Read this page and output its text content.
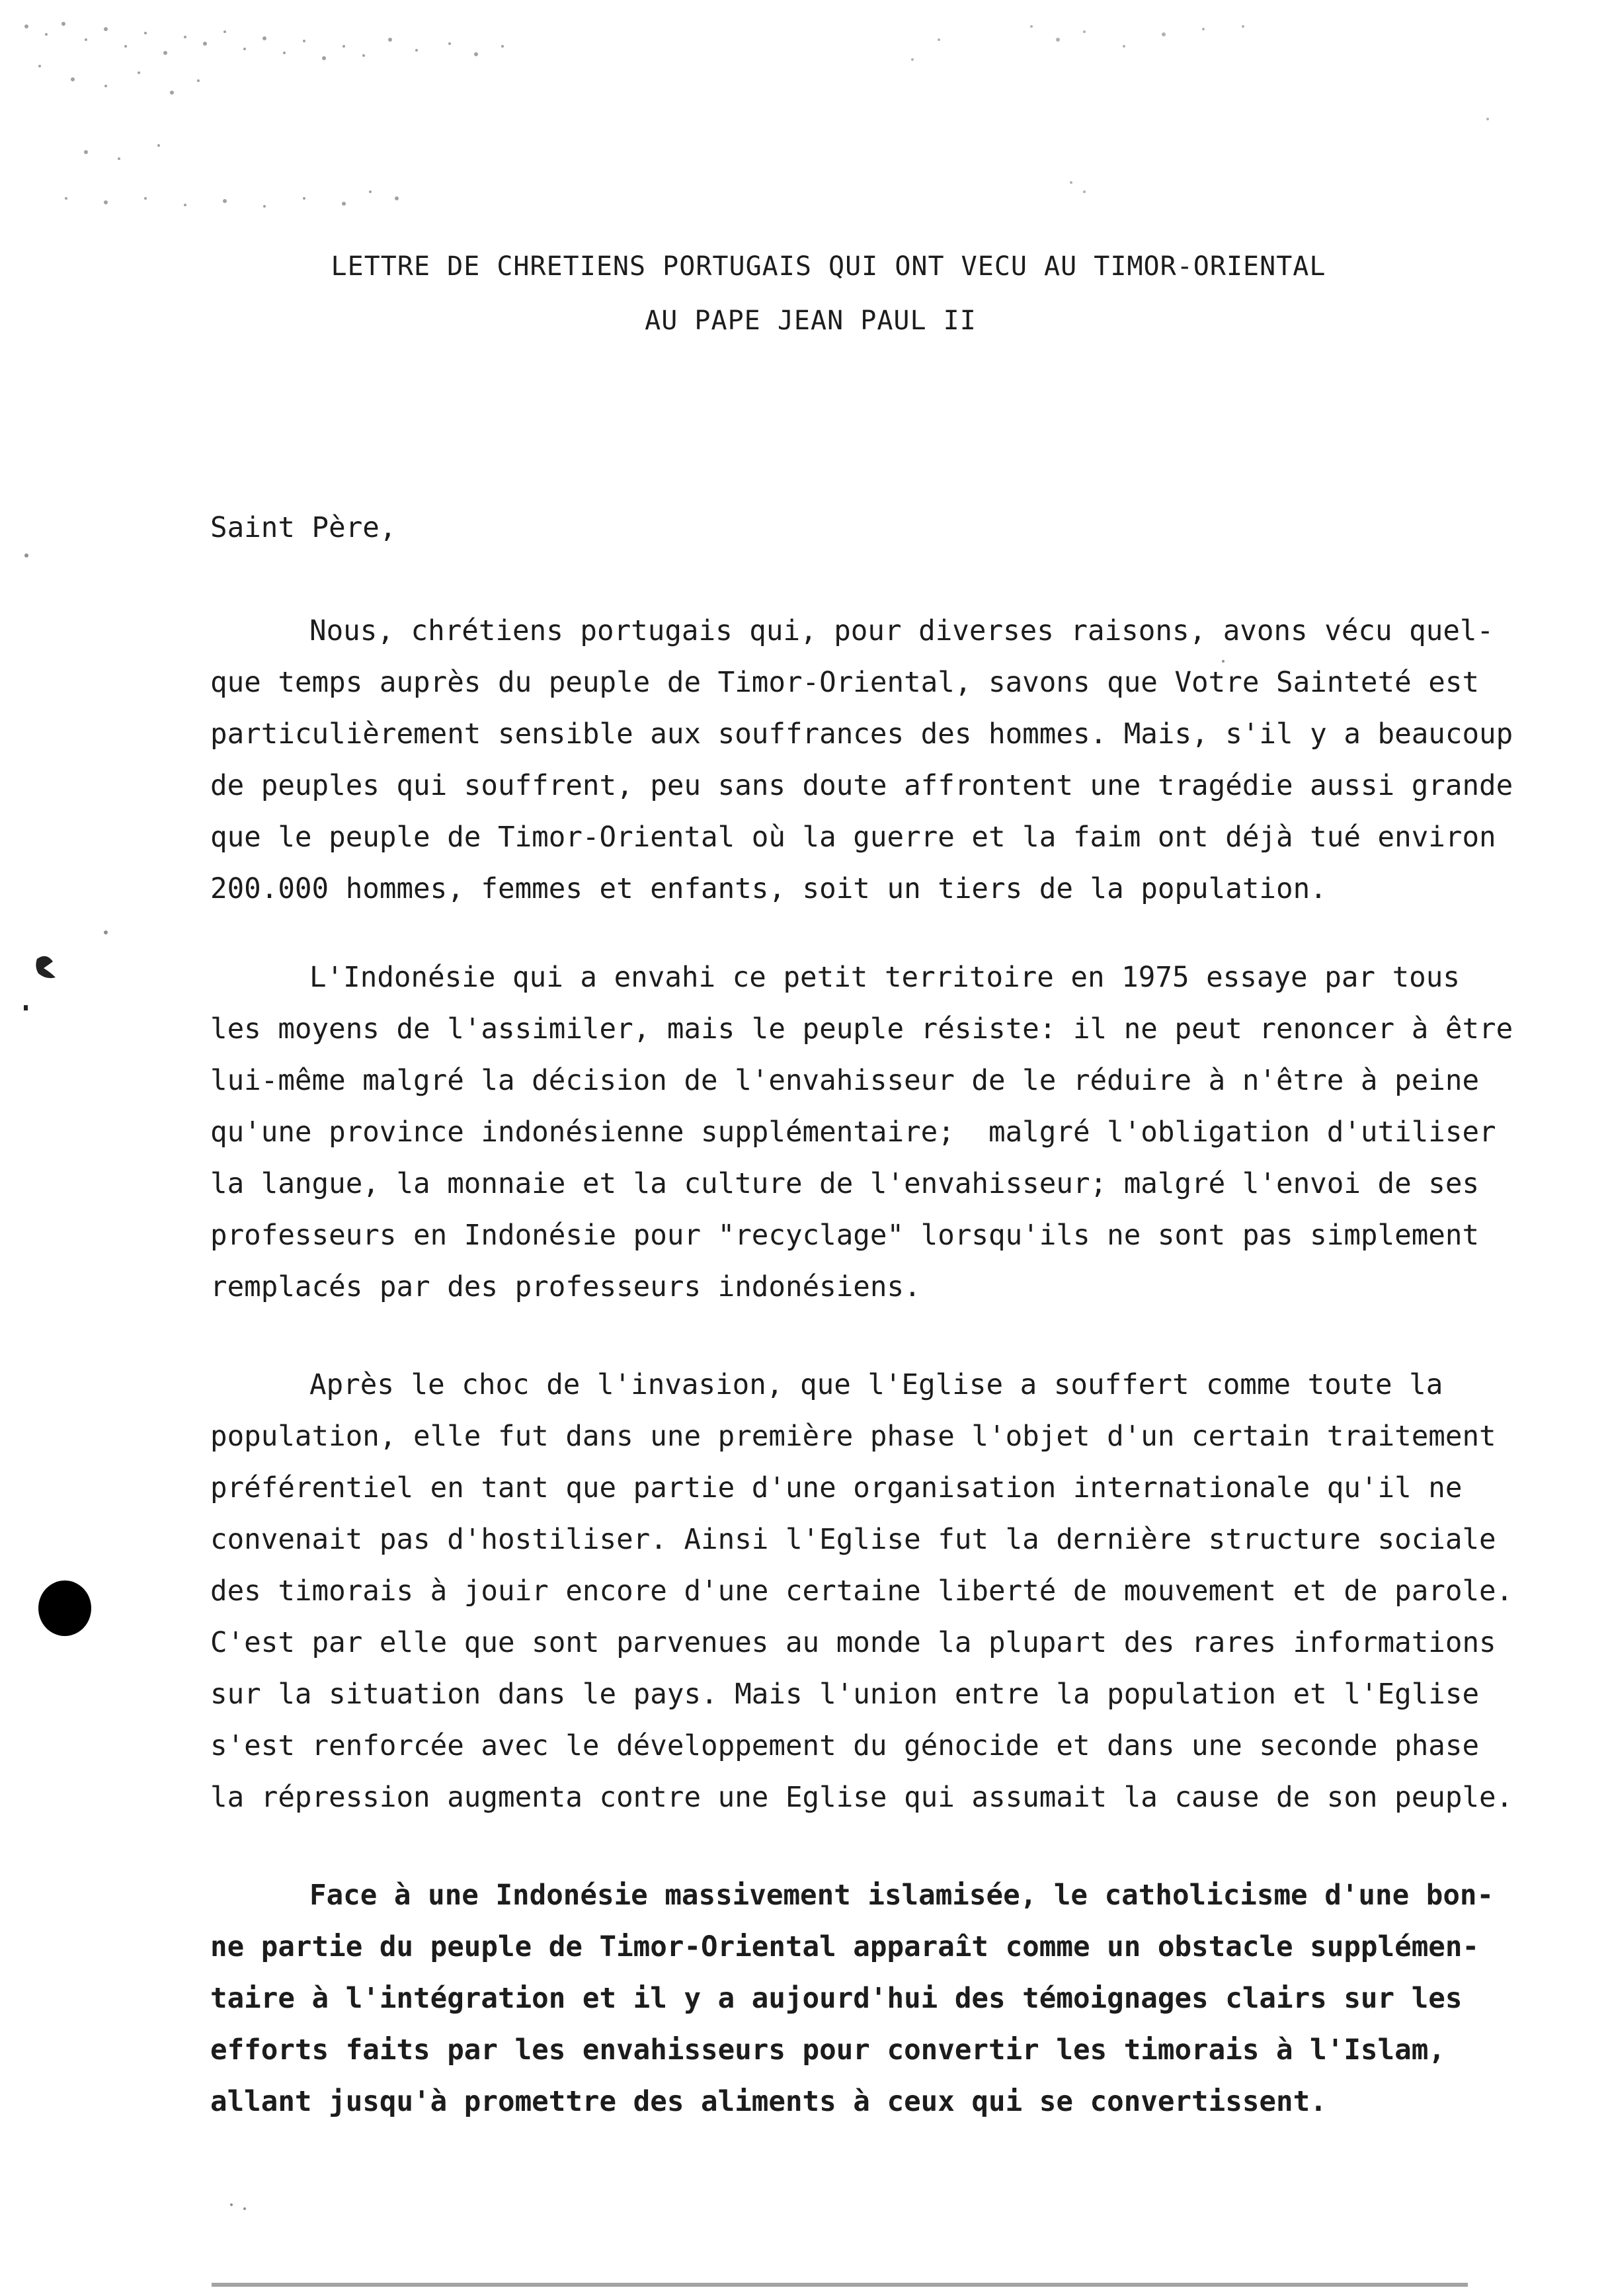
LETTRE DE CHRETIENS PORTUGAIS QUI ONT VECU AU TIMOR-ORIENTAL
AU PAPE JEAN PAUL II
Saint Père,
Nous, chrétiens portugais qui, pour diverses raisons, avons vécu quel-
que temps auprès du peuple de Timor-Oriental, savons que Votre Sainteté est
particulièrement sensible aux souffrances des hommes. Mais, s'il y a beaucoup
de peuples qui souffrent, peu sans doute affrontent une tragédie aussi grande
que le peuple de Timor-Oriental où la guerre et la faim ont déjà tué environ
200.000 hommes, femmes et enfants, soit un tiers de la population.
L'Indonésie qui a envahi ce petit territoire en 1975 essaye par tous
les moyens de l'assimiler, mais le peuple résiste: il ne peut renoncer à être
lui-même malgré la décision de l'envahisseur de le réduire à n'être à peine
qu'une province indonésienne supplémentaire;  malgré l'obligation d'utiliser
la langue, la monnaie et la culture de l'envahisseur; malgré l'envoi de ses
professeurs en Indonésie pour "recyclage" lorsqu'ils ne sont pas simplement
remplacés par des professeurs indonésiens.
Après le choc de l'invasion, que l'Eglise a souffert comme toute la
population, elle fut dans une première phase l'objet d'un certain traitement
préférentiel en tant que partie d'une organisation internationale qu'il ne
convenait pas d'hostiliser. Ainsi l'Eglise fut la dernière structure sociale
des timorais à jouir encore d'une certaine liberté de mouvement et de parole.
C'est par elle que sont parvenues au monde la plupart des rares informations
sur la situation dans le pays. Mais l'union entre la population et l'Eglise
s'est renforcée avec le développement du génocide et dans une seconde phase
la répression augmenta contre une Eglise qui assumait la cause de son peuple.
Face à une Indonésie massivement islamisée, le catholicisme d'une bon-
ne partie du peuple de Timor-Oriental apparaît comme un obstacle supplémen-
taire à l'intégration et il y a aujourd'hui des témoignages clairs sur les
efforts faits par les envahisseurs pour convertir les timorais à l'Islam,
allant jusqu'à promettre des aliments à ceux qui se convertissent.
